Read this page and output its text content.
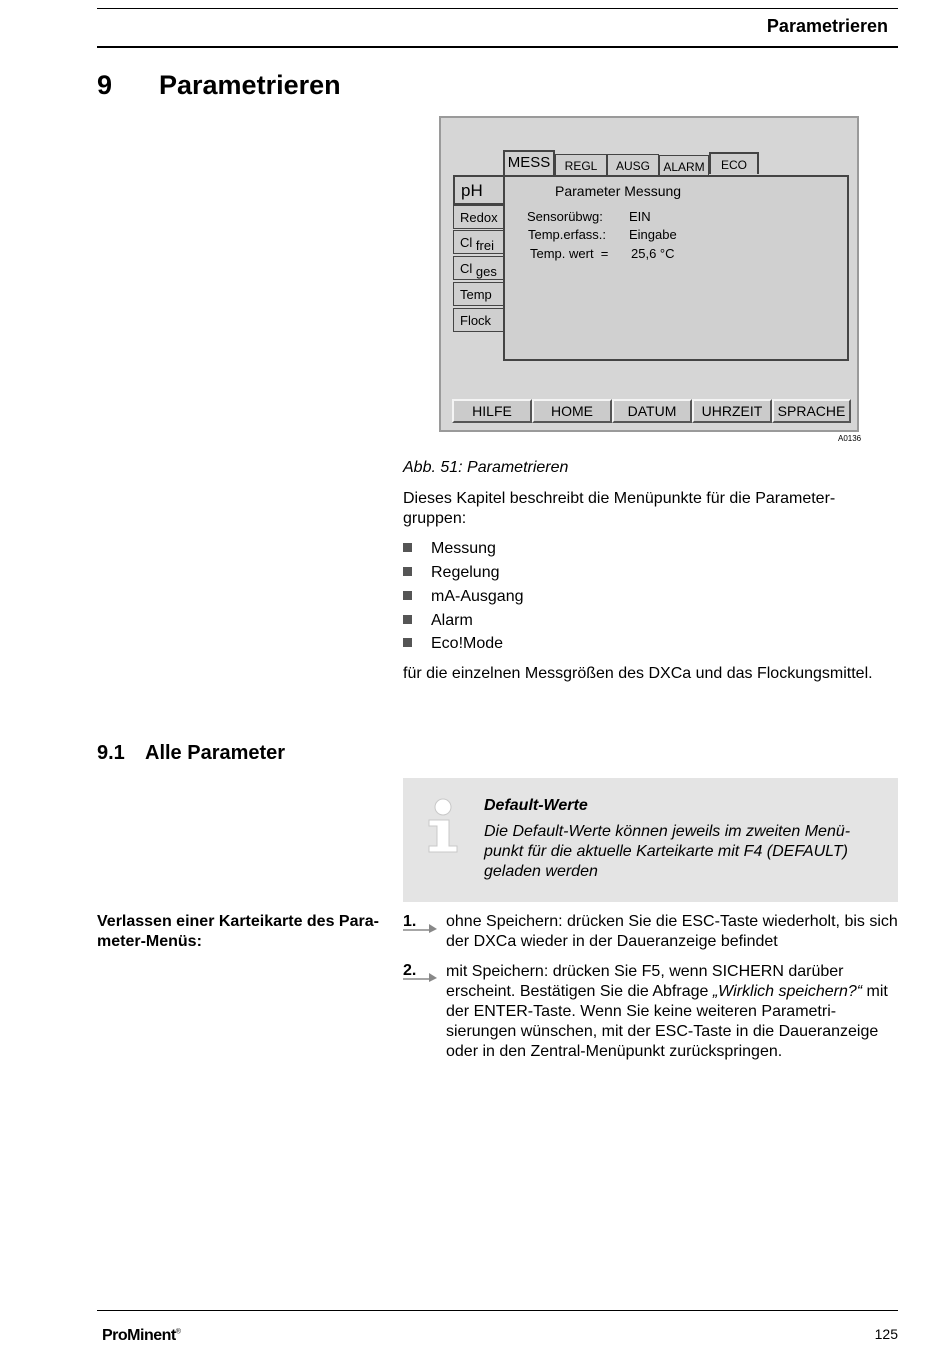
Parametrieren
9 Parametrieren
MESS	REGL	AUSG	ALARM	ECO
Parameter Messung
Sensorübwg: EIN
Temp.erfass.: Eingabe
Temp. wert  = 25,6 °C
pH
Redox
Cl frei
Cl ges
Temp
Flock
HILFE	HOME	DATUM	UHRZEIT	SPRACHE
A0136
Abb. 51: Parametrieren
Dieses Kapitel beschreibt die Menüpunkte für die Parameter-gruppen:
Messung
Regelung
mA-Ausgang
Alarm
Eco!Mode
für die einzelnen Messgrößen des DXCa und das Flockungsmittel.
9.1 Alle Parameter
Default-Werte
Die Default-Werte können jeweils im zweiten Menü-punkt für die aktuelle Karteikarte mit F4 (DEFAULT) geladen werden
Verlassen einer Karteikarte des Para-meter-Menüs:
1. ohne Speichern: drücken Sie die ESC-Taste wiederholt, bis sich der DXCa wieder in der Daueranzeige befindet
2. mit Speichern: drücken Sie F5, wenn SICHERN darüber erscheint. Bestätigen Sie die Abfrage „Wirklich speichern?“ mit der ENTER-Taste. Wenn Sie keine weiteren Parametri-sierungen wünschen, mit der ESC-Taste in die Daueranzeige oder in den Zentral-Menüpunkt zurückspringen.
ProMinent®	125
